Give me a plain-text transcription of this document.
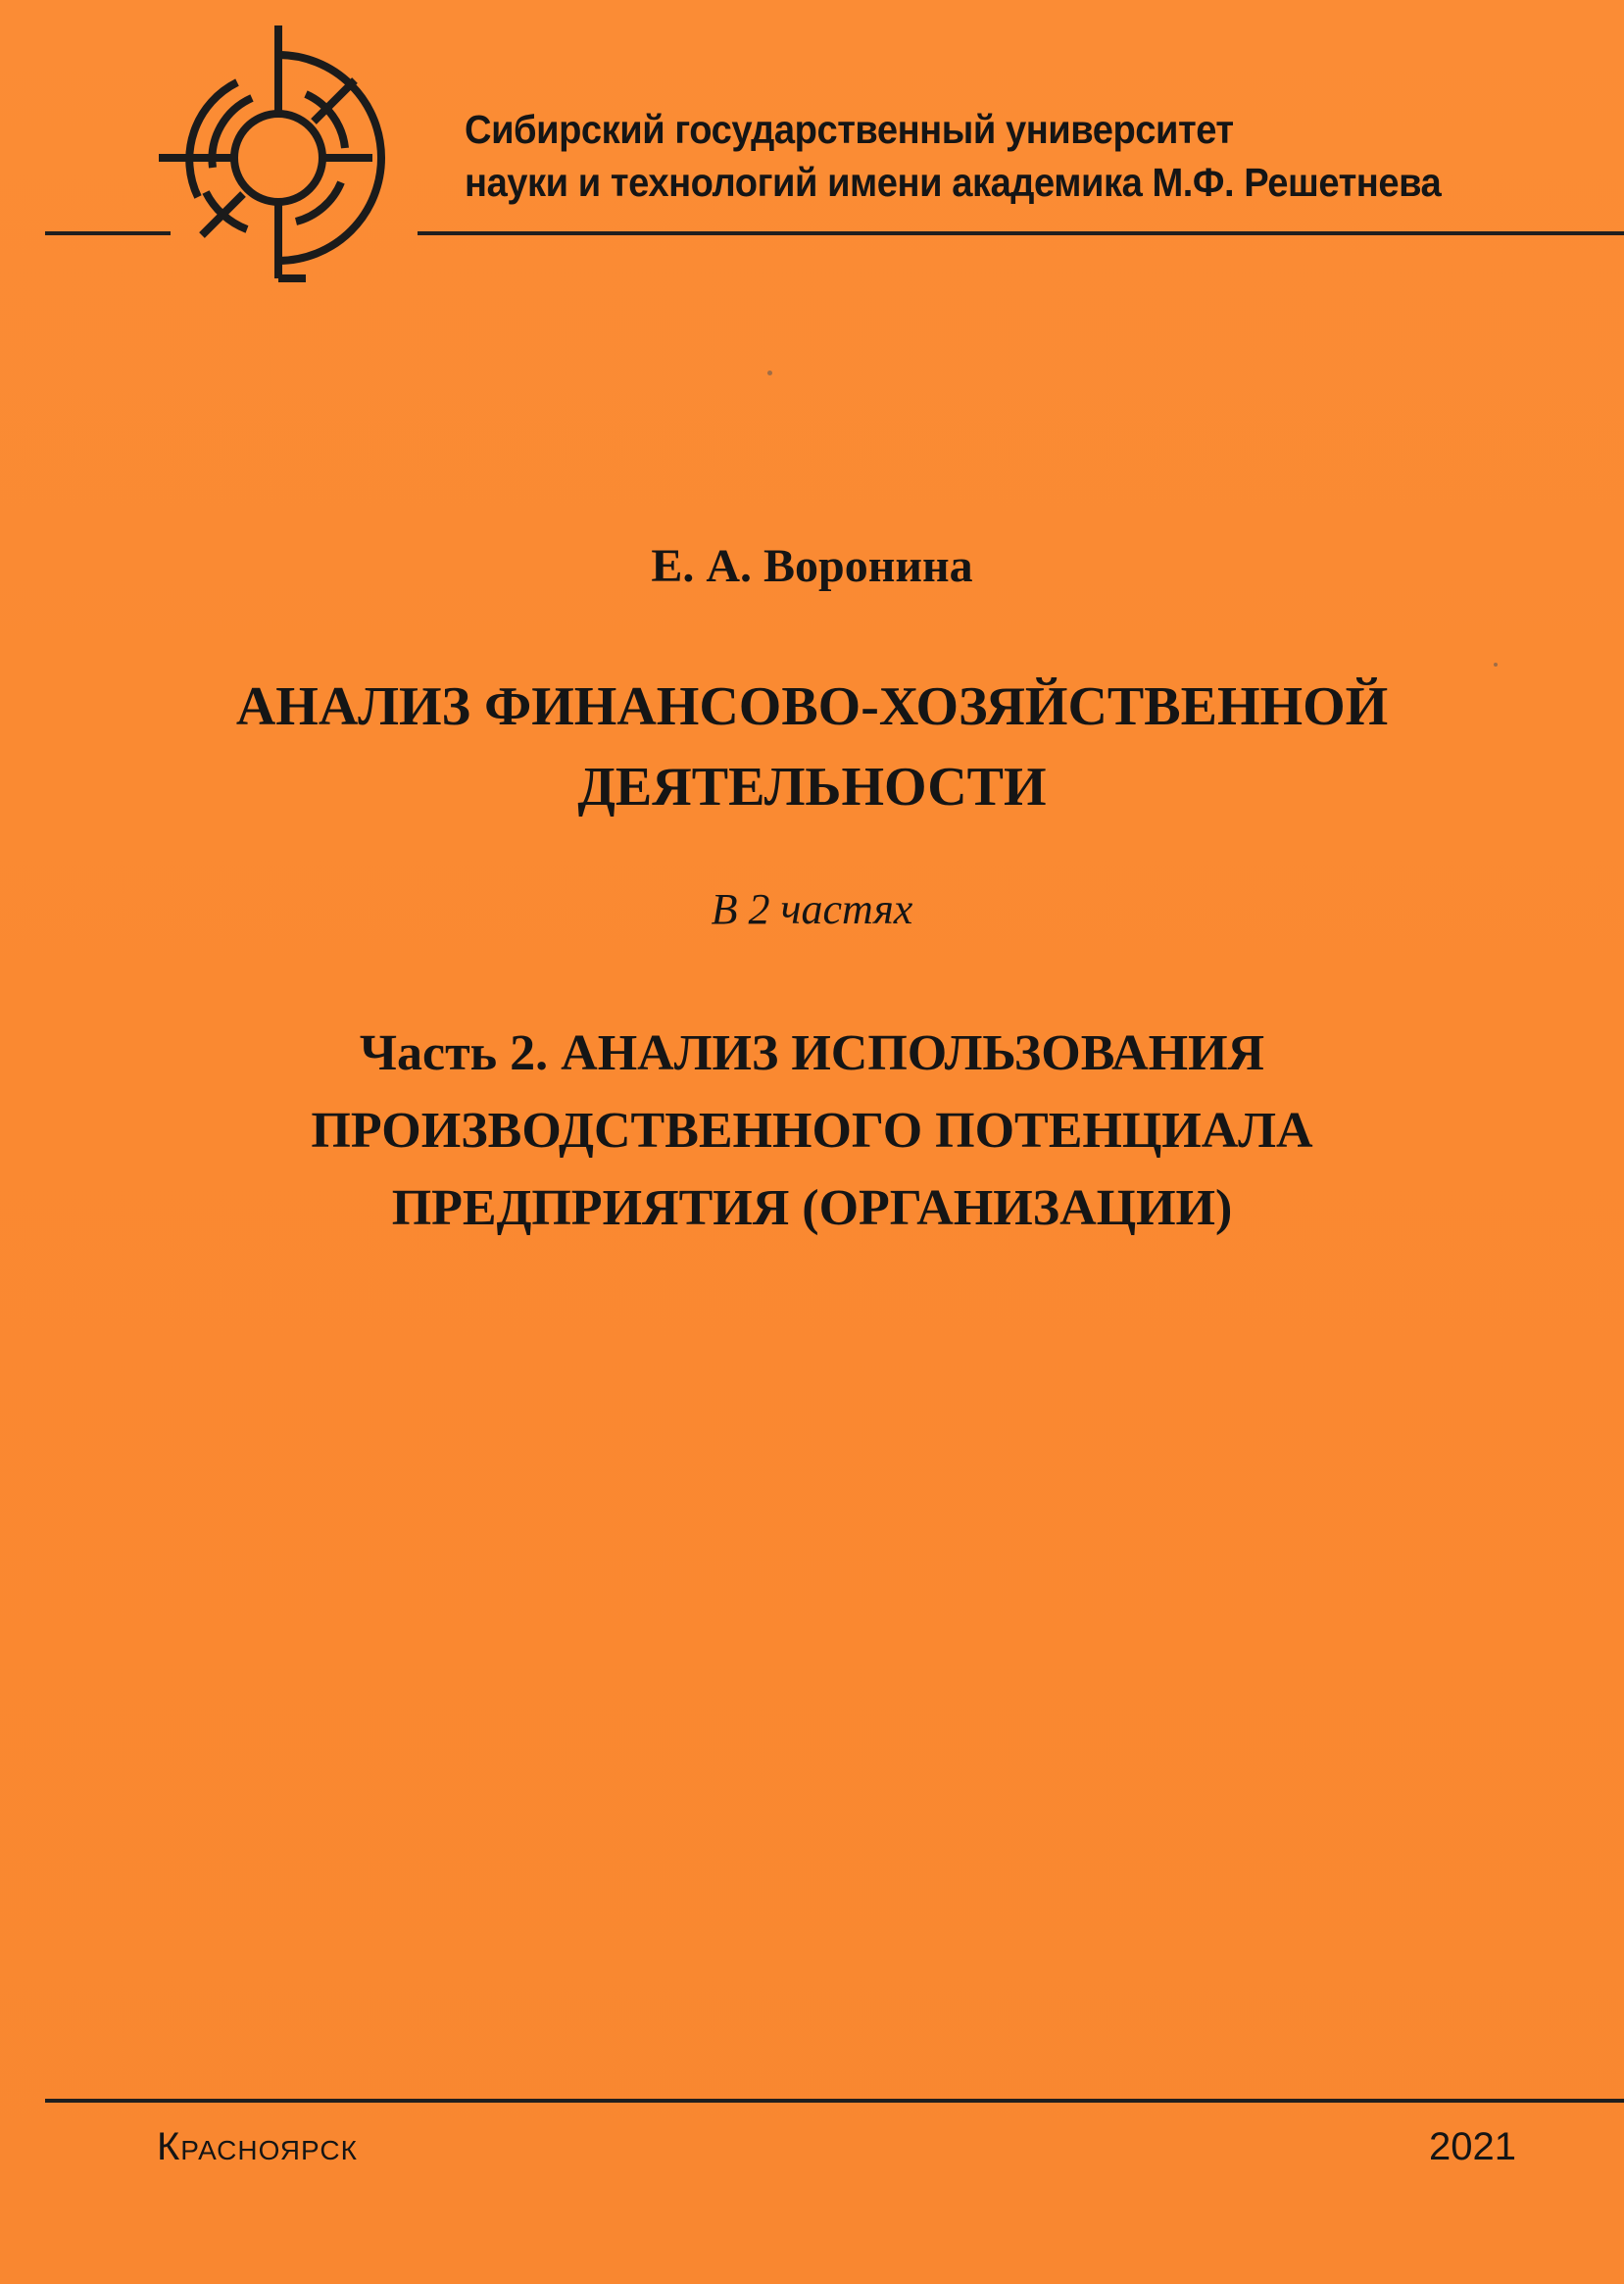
Сибирский государственный университет
науки и технологий имени академика М.Ф. Решетнева
Е. А. Воронина
АНАЛИЗ ФИНАНСОВО-ХОЗЯЙСТВЕННОЙ
ДЕЯТЕЛЬНОСТИ
В 2 частях
Часть 2. АНАЛИЗ ИСПОЛЬЗОВАНИЯ
ПРОИЗВОДСТВЕННОГО ПОТЕНЦИАЛА
ПРЕДПРИЯТИЯ (ОРГАНИЗАЦИИ)
Красноярск	2021
